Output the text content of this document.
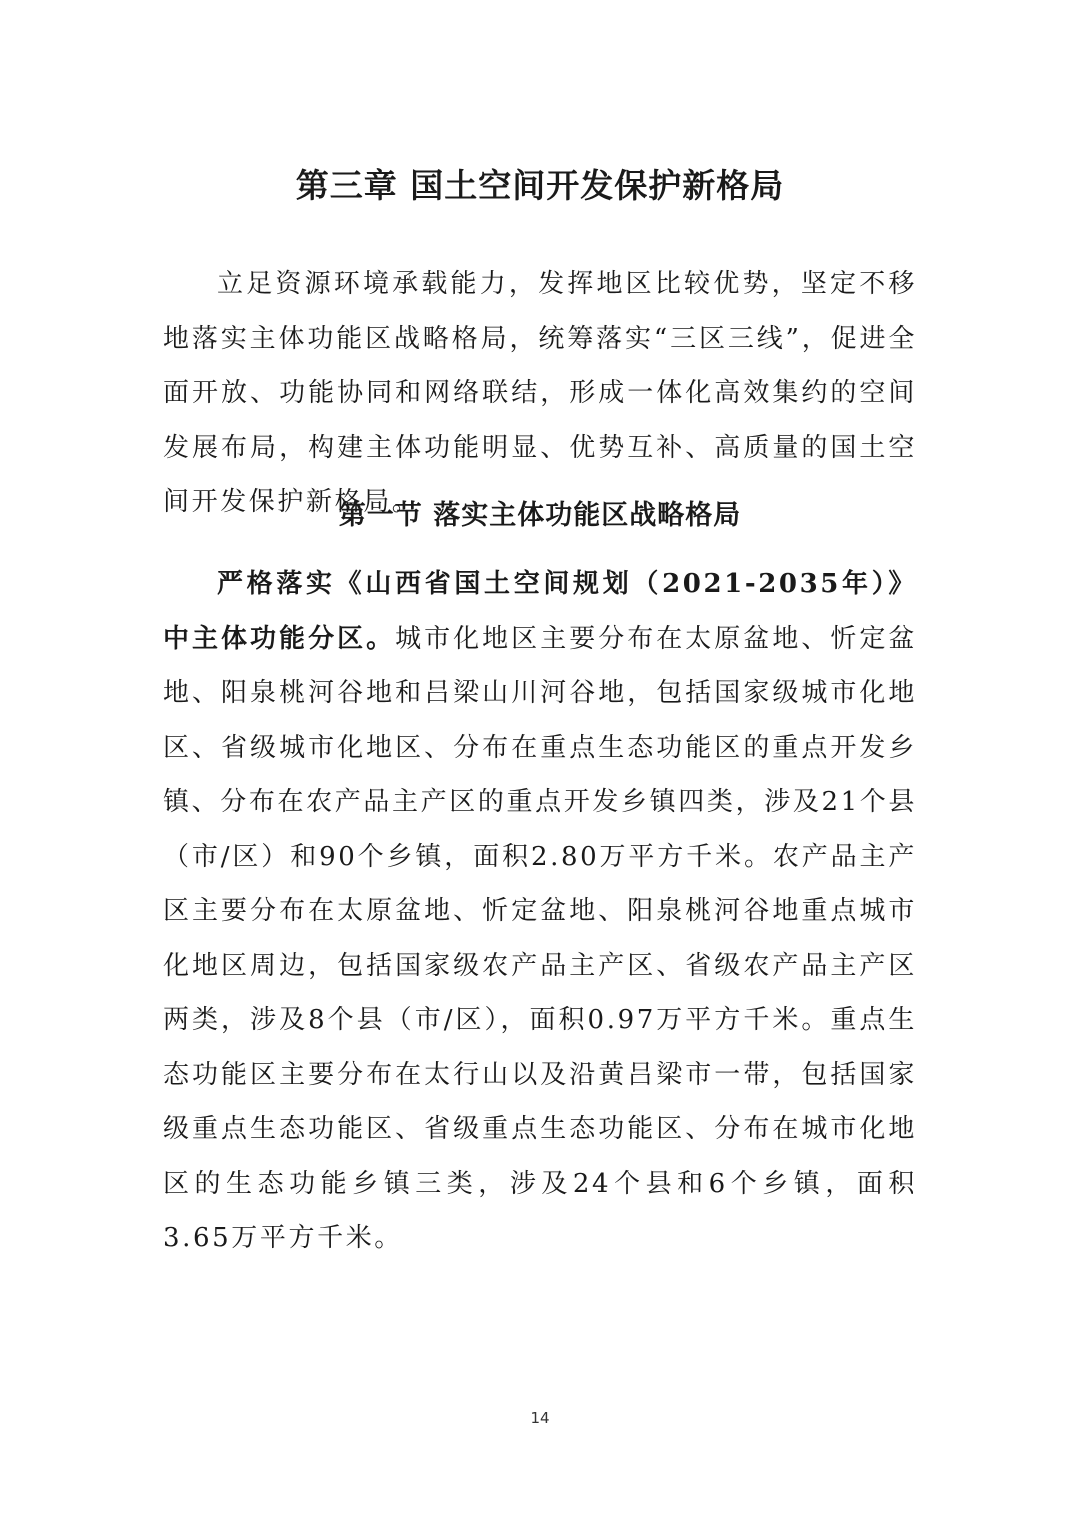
第三章 国土空间开发保护新格局

立足资源环境承载能力，发挥地区比较优势，坚定不移地落实主体功能区战略格局，统筹落实“三区三线”，促进全面开放、功能协同和网络联结，形成一体化高效集约的空间发展布局，构建主体功能明显、优势互补、高质量的国土空间开发保护新格局。

第一节 落实主体功能区战略格局

严格落实《山西省国土空间规划（2021-2035年）》中主体功能分区。城市化地区主要分布在太原盆地、忻定盆地、阳泉桃河谷地和吕梁山川河谷地，包括国家级城市化地区、省级城市化地区、分布在重点生态功能区的重点开发乡镇、分布在农产品主产区的重点开发乡镇四类，涉及21个县（市/区）和90个乡镇，面积2.80万平方千米。农产品主产区主要分布在太原盆地、忻定盆地、阳泉桃河谷地重点城市化地区周边，包括国家级农产品主产区、省级农产品主产区两类，涉及8个县（市/区），面积0.97万平方千米。重点生态功能区主要分布在太行山以及沿黄吕梁市一带，包括国家级重点生态功能区、省级重点生态功能区、分布在城市化地区的生态功能乡镇三类，涉及24个县和6个乡镇，面积3.65万平方千米。

14
